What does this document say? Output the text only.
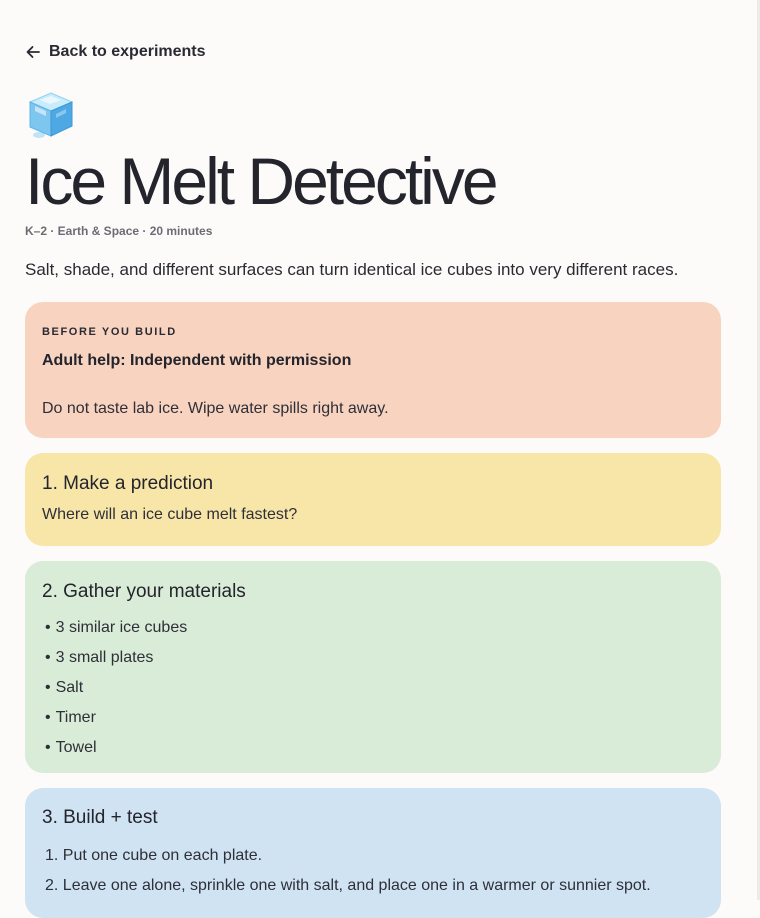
Back to experiments
Ice Melt Detective
K–2 · Earth & Space · 20 minutes
Salt, shade, and different surfaces can turn identical ice cubes into very different races.
BEFORE YOU BUILD
Adult help: Independent with permission
Do not taste lab ice. Wipe water spills right away.
1. Make a prediction
Where will an ice cube melt fastest?
2. Gather your materials
• 3 similar ice cubes
• 3 small plates
• Salt
• Timer
• Towel
3. Build + test
1. Put one cube on each plate.
2. Leave one alone, sprinkle one with salt, and place one in a warmer or sunnier spot.
